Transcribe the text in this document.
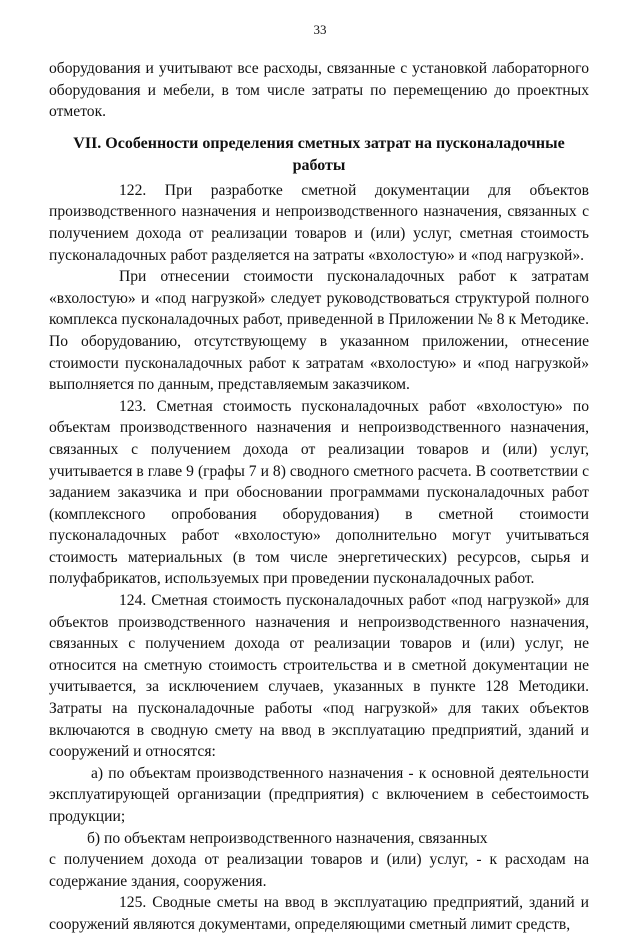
33

оборудования и учитывают все расходы, связанные с установкой лабораторного оборудования и мебели, в том числе затраты по перемещению до проектных отметок.

VII. Особенности определения сметных затрат на пусконаладочные работы

122. При разработке сметной документации для объектов производственного назначения и непроизводственного назначения, связанных с получением дохода от реализации товаров и (или) услуг, сметная стоимость пусконаладочных работ разделяется на затраты «вхолостую» и «под нагрузкой».

При отнесении стоимости пусконаладочных работ к затратам «вхолостую» и «под нагрузкой» следует руководствоваться структурой полного комплекса пусконаладочных работ, приведенной в Приложении № 8 к Методике. По оборудованию, отсутствующему в указанном приложении, отнесение стоимости пусконаладочных работ к затратам «вхолостую» и «под нагрузкой» выполняется по данным, представляемым заказчиком.

123. Сметная стоимость пусконаладочных работ «вхолостую» по объектам производственного назначения и непроизводственного назначения, связанных с получением дохода от реализации товаров и (или) услуг, учитывается в главе 9 (графы 7 и 8) сводного сметного расчета. В соответствии с заданием заказчика и при обосновании программами пусконаладочных работ (комплексного опробования оборудования) в сметной стоимости пусконаладочных работ «вхолостую» дополнительно могут учитываться стоимость материальных (в том числе энергетических) ресурсов, сырья и полуфабрикатов, используемых при проведении пусконаладочных работ.

124. Сметная стоимость пусконаладочных работ «под нагрузкой» для объектов производственного назначения и непроизводственного назначения, связанных с получением дохода от реализации товаров и (или) услуг, не относится на сметную стоимость строительства и в сметной документации не учитывается, за исключением случаев, указанных в пункте 128 Методики. Затраты на пусконаладочные работы «под нагрузкой» для таких объектов включаются в сводную смету на ввод в эксплуатацию предприятий, зданий и сооружений и относятся:

а) по объектам производственного назначения - к основной деятельности эксплуатирующей организации (предприятия) с включением в себестоимость продукции;

б) по объектам непроизводственного назначения, связанных

с получением дохода от реализации товаров и (или) услуг, - к расходам на содержание здания, сооружения.

125. Сводные сметы на ввод в эксплуатацию предприятий, зданий и сооружений являются документами, определяющими сметный лимит средств,
